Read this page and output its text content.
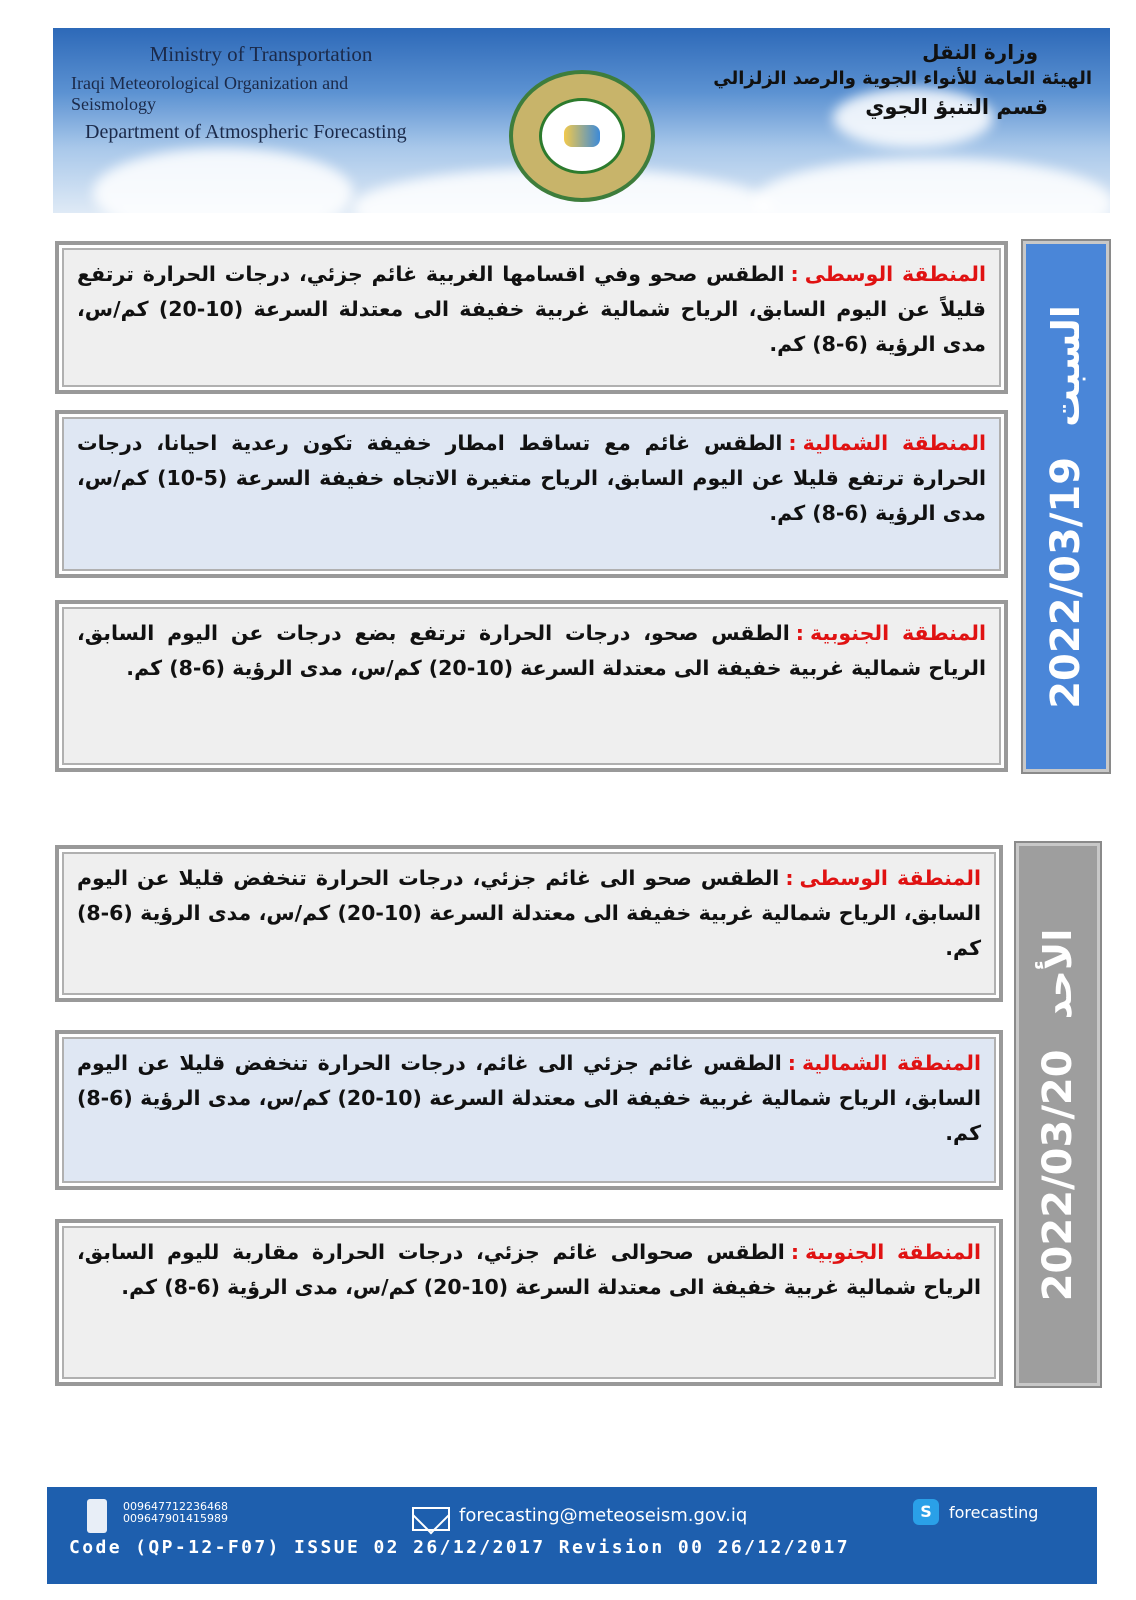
Ministry of Transportation
Iraqi Meteorological Organization and Seismology
Department of Atmospheric Forecasting
وزارة النقل
الهيئة العامة للأنواء الجوية والرصد الزلزالي
قسم التنبؤ الجوي
2022/03/19
السبت
المنطقة الوسطى:الطقس صحو وفي اقسامها الغربية غائم جزئي، درجات الحرارة ترتفع قليلاً عن اليوم السابق، الرياح شمالية غربية خفيفة الى معتدلة السرعة (10-20) كم/س، مدى الرؤية (6-8) كم.
المنطقة الشمالية:الطقس غائم مع تساقط امطار خفيفة تكون رعدية احيانا، درجات الحرارة ترتفع قليلا عن اليوم السابق، الرياح متغيرة الاتجاه خفيفة السرعة (5-10) كم/س، مدى الرؤية (6-8) كم.
المنطقة الجنوبية:الطقس صحو، درجات الحرارة ترتفع بضع درجات عن اليوم السابق، الرياح شمالية غربية خفيفة الى معتدلة السرعة (10-20) كم/س، مدى الرؤية (6-8) كم.
2022/03/20
الأحد
المنطقة الوسطى:الطقس صحو الى غائم جزئي، درجات الحرارة تنخفض قليلا عن اليوم السابق، الرياح شمالية غربية خفيفة الى معتدلة السرعة (10-20) كم/س، مدى الرؤية (6-8) كم.
المنطقة الشمالية:الطقس غائم جزئي الى غائم، درجات الحرارة تنخفض قليلا عن اليوم السابق، الرياح شمالية غربية خفيفة الى معتدلة السرعة (10-20) كم/س، مدى الرؤية (6-8) كم.
المنطقة الجنوبية:الطقس صحوالى غائم جزئي، درجات الحرارة مقاربة لليوم السابق، الرياح شمالية غربية خفيفة الى معتدلة السرعة (10-20) كم/س، مدى الرؤية (6-8) كم.
009647712236468
009647901415989	forecasting@meteoseism.gov.iq	S	forecasting
Code (QP-12-F07) ISSUE 02 26/12/2017 Revision 00 26/12/2017
